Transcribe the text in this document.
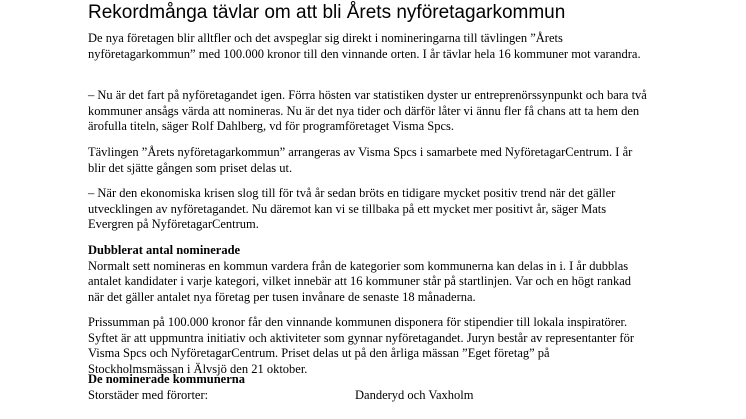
Rekordmånga tävlar om att bli Årets nyföretagarkommun

De nya företagen blir alltfler och det avspeglar sig direkt i nomineringarna till tävlingen ”Årets nyföretagarkommun” med 100.000 kronor till den vinnande orten. I år tävlar hela 16 kommuner mot varandra.

– Nu är det fart på nyföretagandet igen. Förra hösten var statistiken dyster ur entreprenörssynpunkt och bara två kommuner ansågs värda att nomineras. Nu är det nya tider och därför låter vi ännu fler få chans att ta hem den ärofulla titeln, säger Rolf Dahlberg, vd för programföretaget Visma Spcs.

Tävlingen ”Årets nyföretagarkommun” arrangeras av Visma Spcs i samarbete med NyföretagarCentrum. I år blir det sjätte gången som priset delas ut.

– När den ekonomiska krisen slog till för två år sedan bröts en tidigare mycket positiv trend när det gäller utvecklingen av nyföretagandet. Nu däremot kan vi se tillbaka på ett mycket mer positivt år, säger Mats Evergren på NyföretagarCentrum.

Dubblerat antal nominerade

Normalt sett nomineras en kommun vardera från de kategorier som kommunerna kan delas in i. I år dubblas antalet kandidater i varje kategori, vilket innebär att 16 kommuner står på startlinjen. Var och en högt rankad när det gäller antalet nya företag per tusen invånare de senaste 18 månaderna.

Prissumman på 100.000 kronor får den vinnande kommunen disponera för stipendier till lokala inspiratörer. Syftet är att uppmuntra initiativ och aktiviteter som gynnar nyföretagandet. Juryn består av representanter för Visma Spcs och NyföretagarCentrum. Priset delas ut på den årliga mässan ”Eget företag” på Stockholmsmässan i Älvsjö den 21 oktober.

De nominerade kommunerna

Storstäder med förorter:	Danderyd och Vaxholm
